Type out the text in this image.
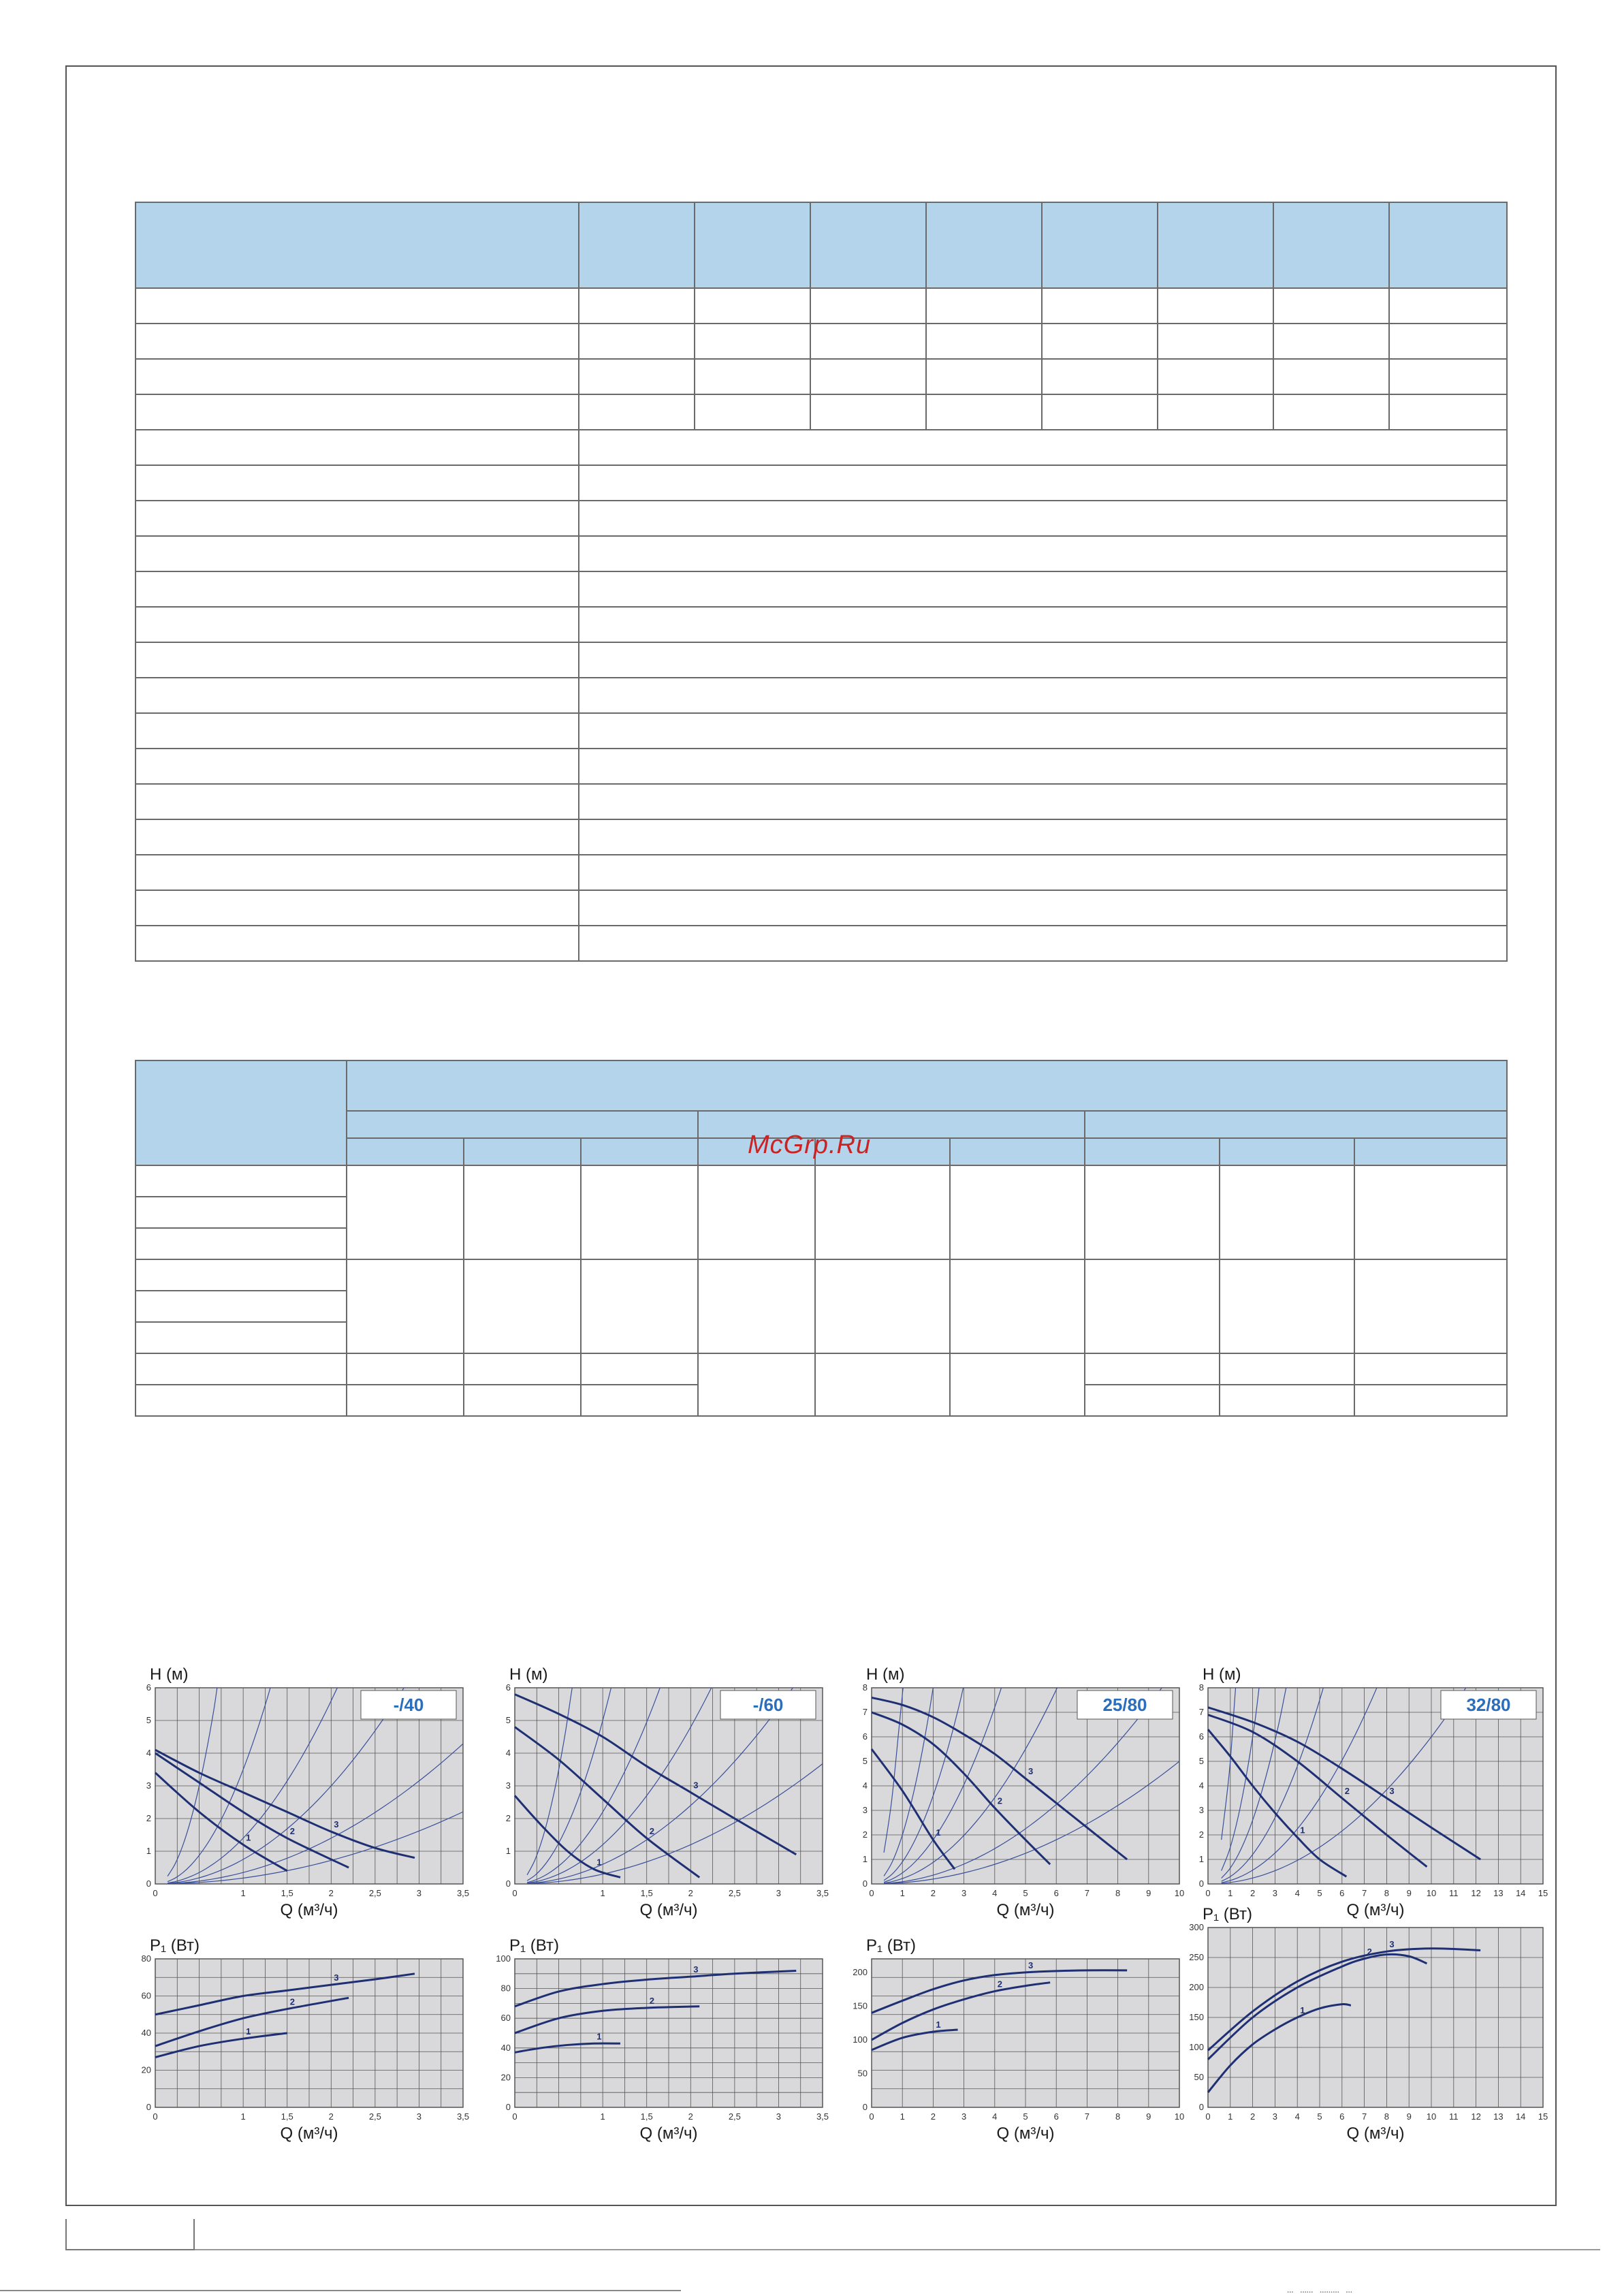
… …… ……… …

McGrp.Ru
1
2
3
0	1	1,5	2	2,5	3	3,5
0
1
2
3
4
5
6
H (м)
Q (м³/ч)
-/40
1
2
3
0	1	1,5	2	2,5	3	3,5
0
1
2
3
4
5
6
H (м)
Q (м³/ч)
-/60
1
2
3
0	1	2	3	4	5	6	7	8	9	10
0
1
2
3
4
5
6
7
8
H (м)
Q (м³/ч)
25/80
1
2	3
0 1 2 3 4 5 6 7 8 9 10 11 12 13 14 15
0
1
2
3
4
5
6
7
8
H (м)
Q (м³/ч)
32/80
1
2
3
0	1	1,5	2	2,5	3	3,5
0
20
40
60
80
P₁ (Вт)
Q (м³/ч)
1
2
3
0	1	1,5	2	2,5	3	3,5
0
20
40
60
80
100
P₁ (Вт)
Q (м³/ч)
1
2
3
0	1	2	3	4	5	6	7	8	9	10
0
50
100
150
200
P₁ (Вт)
Q (м³/ч)
1
2
3
0 1 2 3 4 5 6 7 8 9 10 11 12 13 14 15
0
50
100
150
200
250
300
P₁ (Вт)
Q (м³/ч)
